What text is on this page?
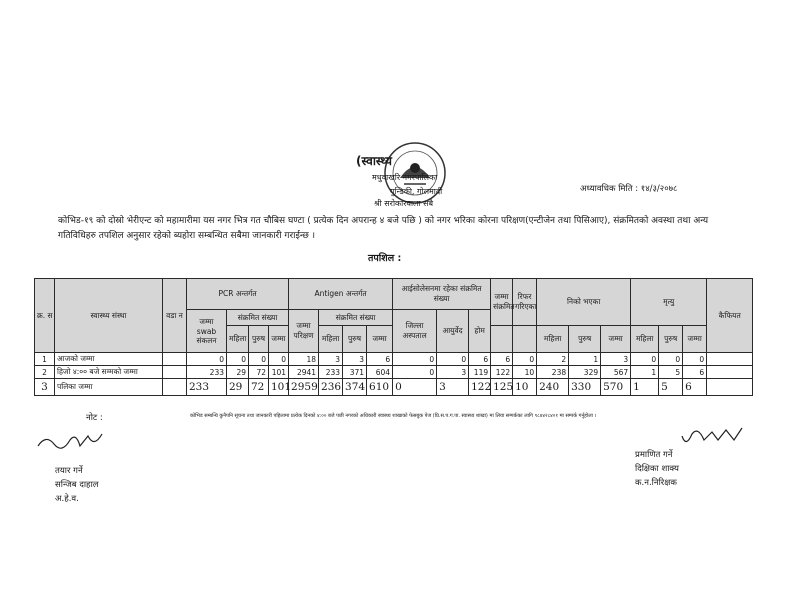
(स्वास्थ्य
मधुवाखरि नगरपालिका
गुन्डिकी, गोलमादी
श्री सरोकारवाला सबै
अध्यावधिक मिति : १४/३/२०७८
कोभिड-१९ को दोस्रो भेरीएन्ट को महामारीमा यस नगर भित्र गत चौबिस घण्टा ( प्रत्येक दिन अपरान्ह ४ बजे पछि ) को नगर भरिका कोरना परिक्षण(एन्टीजेन तथा पिसिआए), संक्रमितको अवस्था तथा अन्य गतिविधिहरु तपशिल अनुसार रहेको ब्यहोरा सम्बन्धित सबैमा जानकारी गराईन्छ ।
तपशिल :
क्र. स	स्वास्थ्य संस्था	वडा न	PCR अन्तर्गत				Antigen अन्तर्गत				आईसोलेसनमा रहेका संक्रमित संख्या			जम्मा संक्रमित	रिफर गरिएका	निको भएका			मृत्यु			कैफियत
			जम्मा swab संकलन	संक्रमित संख्या			जम्मा परिक्षण	संक्रमित संख्या			जिल्ला अस्पताल	आयुर्वेद	होम									
				महिला	पुरुष	जम्मा		महिला	पुरुष	जम्मा						महिला	पुरुष	जम्मा	महिला	पुरुष	जम्मा	
1	आजको जम्मा		0	0	0	0	18	3	3	6	0	0	6	6	0	2	1	3	0	0	0	
2	हिजो ४:०० बजे सम्मको जम्मा		233	29	72	101	2941	233	371	604	0	3	119	122	10	238	329	567	1	5	6	
3	पलिका जम्मा		233	29	72	101	2959	236	374	610	0	3	122	125	10	240	330	570	1	5	6	
नोट :	कोभिड सम्बन्धि कुनैपनि सूचना तथा जानकारी पहिलामा प्रत्येक दिनको ४:०० बजे पछी नगरको अधिकारी स्वास्थ्य शाखाको फेसबुक पेज (प्रि.स.प.ग.पा. स्वास्थ्य शाखा) मा लिया सम्पर्कका लागि ९८४४२८४०१ मा सम्पर्क गर्नुहोला ।
तयार गर्ने
सन्जिब दाहाल
अ.हे.व.
प्रमाणित गर्ने
दिक्षिका शाक्य
क.न.निरिक्षक
